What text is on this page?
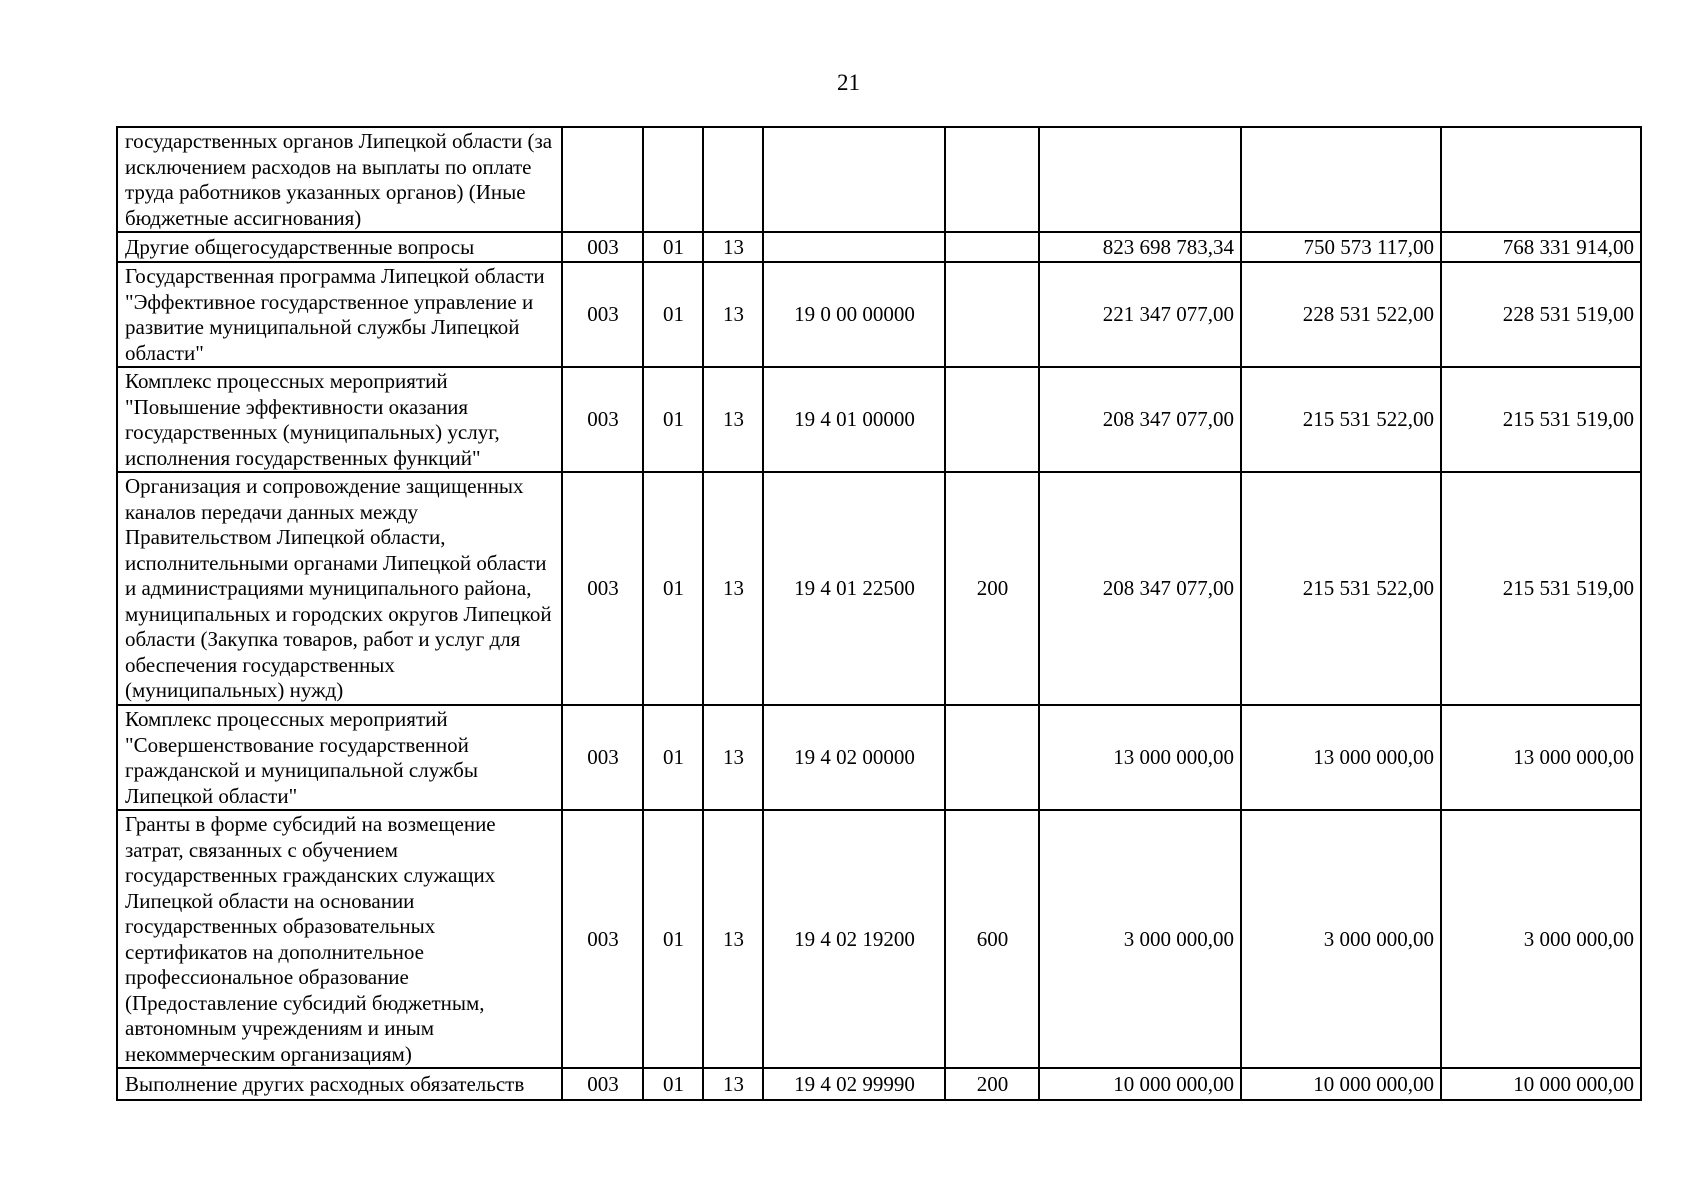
21
государственных органов Липецкой области (за исключением расходов на выплаты по оплате труда работников указанных органов) (Иные бюджетные ассигнования)								
Другие общегосударственные вопросы	003	01	13			823 698 783,34	750 573 117,00	768 331 914,00
Государственная программа Липецкой области "Эффективное государственное управление и развитие муниципальной службы Липецкой области"	003	01	13	19 0 00 00000		221 347 077,00	228 531 522,00	228 531 519,00
Комплекс процессных мероприятий "Повышение эффективности оказания государственных (муниципальных) услуг, исполнения государственных функций"	003	01	13	19 4 01 00000		208 347 077,00	215 531 522,00	215 531 519,00
Организация и сопровождение защищенных каналов передачи данных между Правительством Липецкой области, исполнительными органами Липецкой области и администрациями муниципального района, муниципальных и городских округов Липецкой области (Закупка товаров, работ и услуг для обеспечения государственных (муниципальных) нужд)	003	01	13	19 4 01 22500	200	208 347 077,00	215 531 522,00	215 531 519,00
Комплекс процессных мероприятий "Совершенствование государственной гражданской и муниципальной службы Липецкой области"	003	01	13	19 4 02 00000		13 000 000,00	13 000 000,00	13 000 000,00
Гранты в форме субсидий на возмещение затрат, связанных с обучением государственных гражданских служащих Липецкой области на основании государственных образовательных сертификатов на дополнительное профессиональное образование (Предоставление субсидий бюджетным, автономным учреждениям и иным некоммерческим организациям)	003	01	13	19 4 02 19200	600	3 000 000,00	3 000 000,00	3 000 000,00
Выполнение других расходных обязательств	003	01	13	19 4 02 99990	200	10 000 000,00	10 000 000,00	10 000 000,00
